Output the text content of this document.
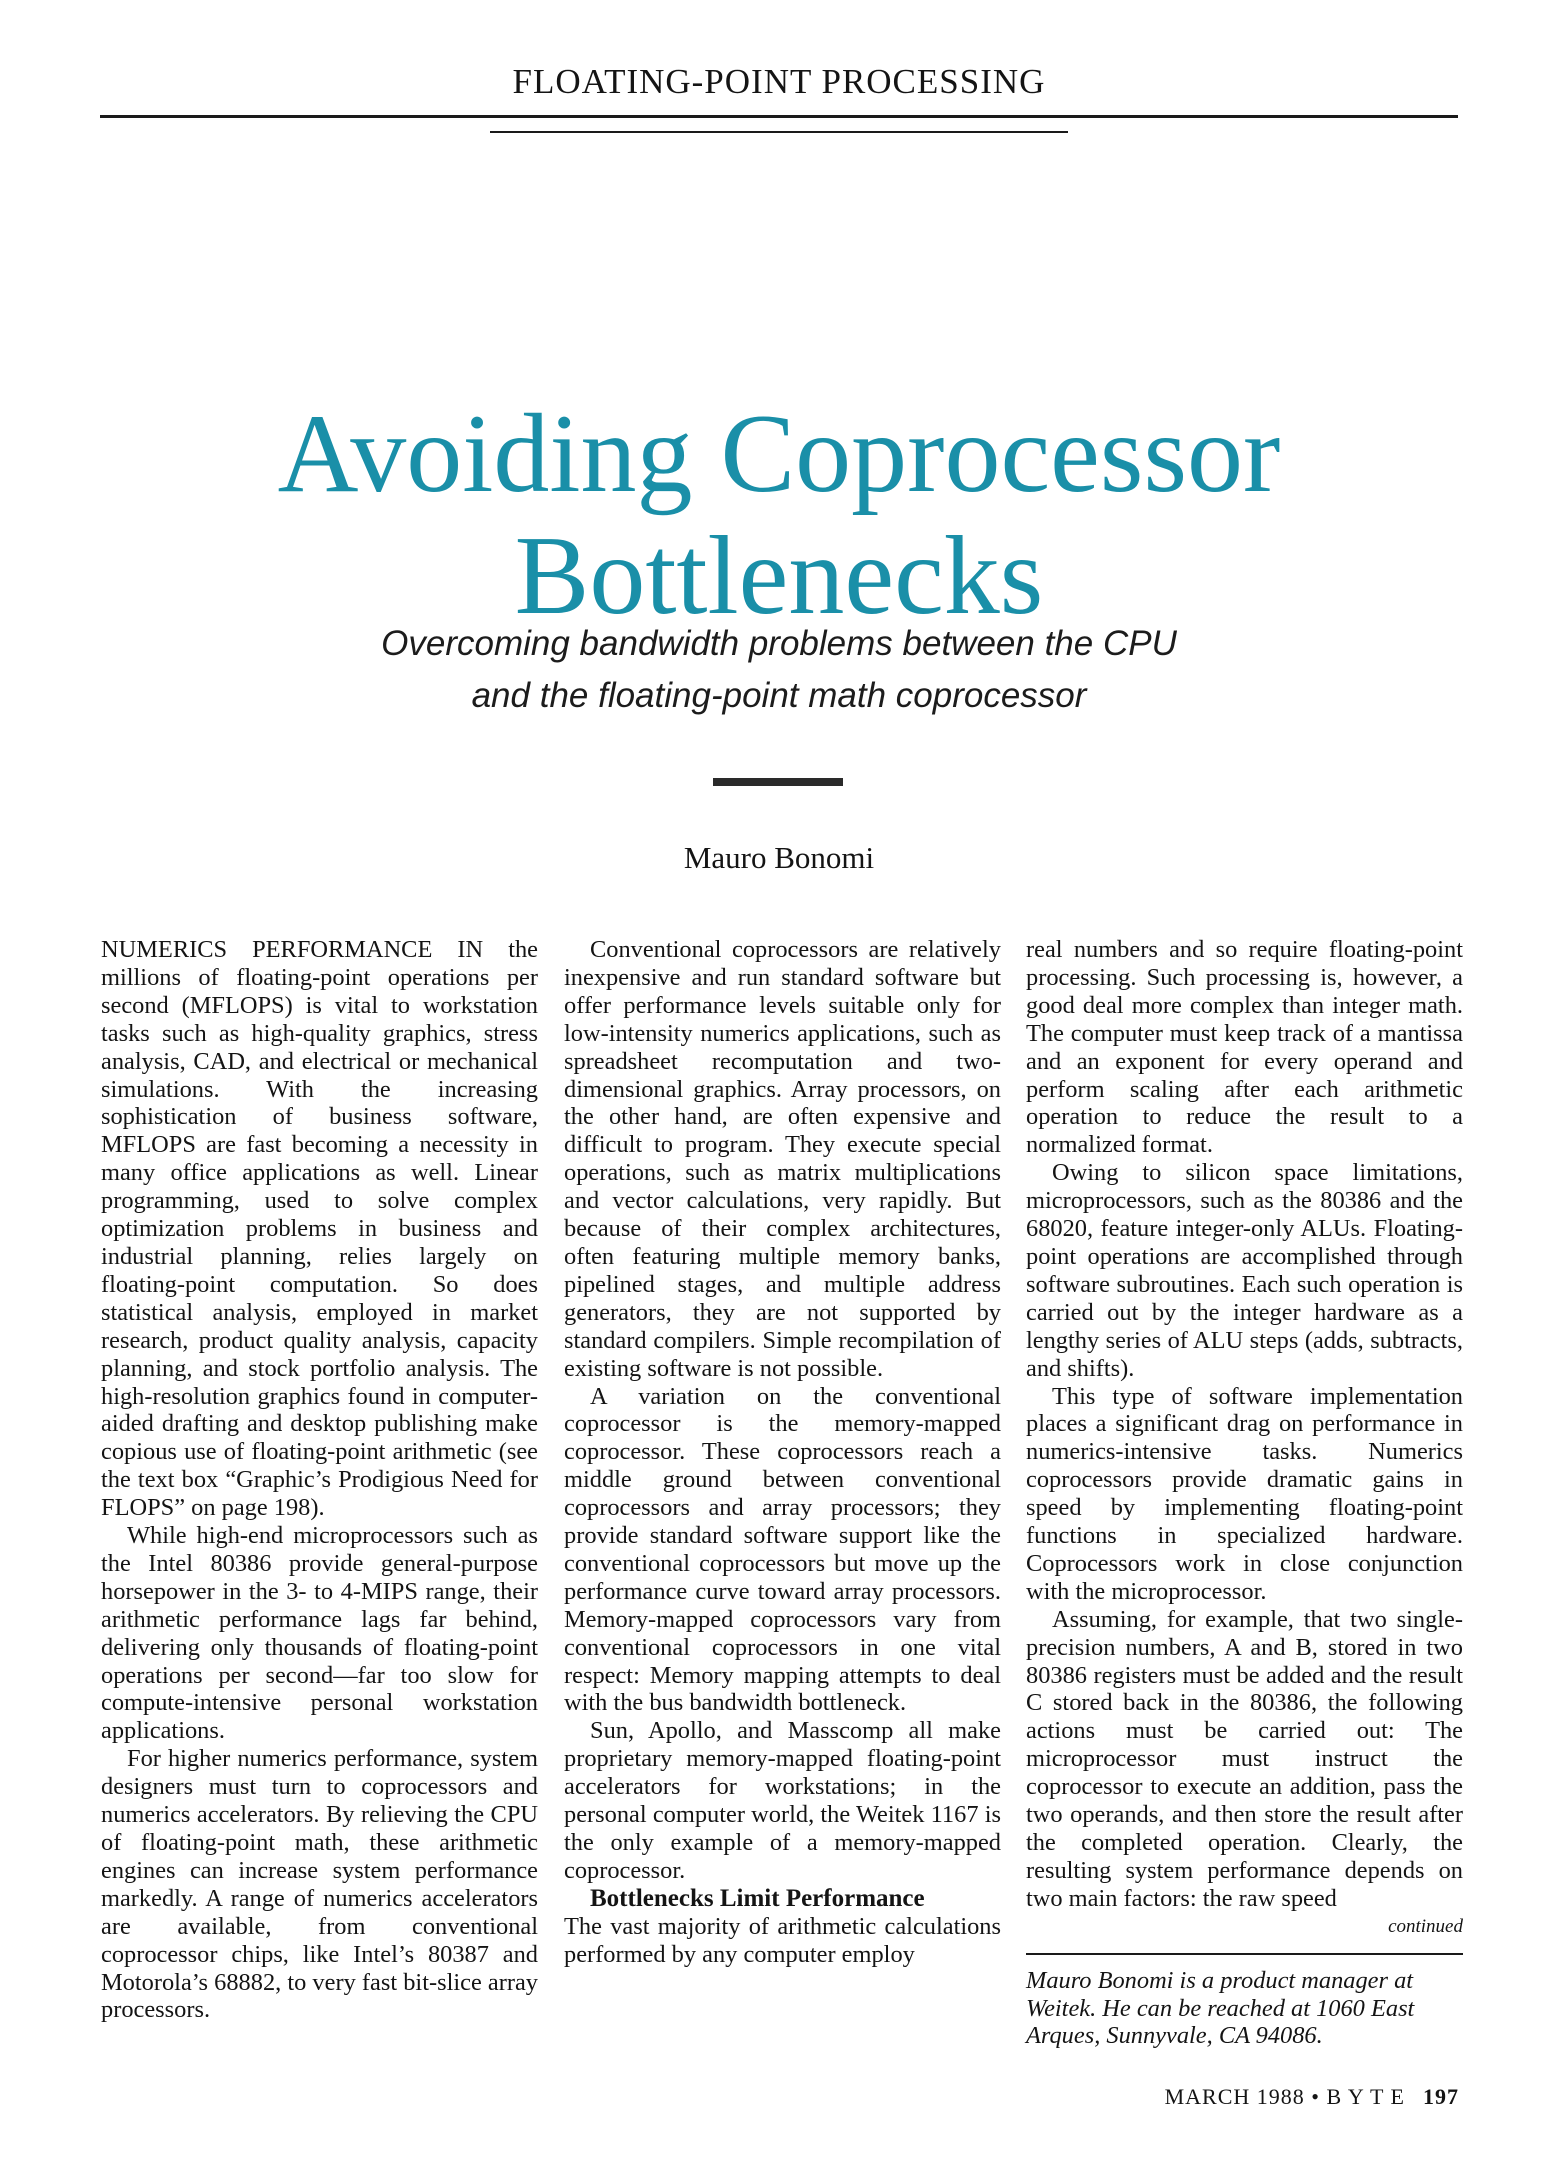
FLOATING-POINT PROCESSING
Avoiding Coprocessor
Bottlenecks
Overcoming bandwidth problems between the CPU
and the floating-point math coprocessor
Mauro Bonomi

NUMERICS PERFORMANCE IN the millions of floating-point operations per second (MFLOPS) is vital to workstation tasks such as high-quality graphics, stress analysis, CAD, and electrical or mechanical simulations. With the increasing sophistication of business software, MFLOPS are fast becoming a necessity in many office applications as well. Linear programming, used to solve complex optimization problems in business and industrial planning, relies largely on floating-point computation. So does statistical analysis, employed in market research, product quality analysis, capacity planning, and stock portfolio analysis. The high-resolution graphics found in computer-aided drafting and desktop publishing make copious use of floating-point arithmetic (see the text box “Graphic’s Prodigious Need for FLOPS” on page 198).

While high-end microprocessors such as the Intel 80386 provide general-purpose horsepower in the 3- to 4-MIPS range, their arithmetic performance lags far behind, delivering only thousands of floating-point operations per second—far too slow for compute-intensive personal workstation applications.

For higher numerics performance, system designers must turn to coprocessors and numerics accelerators. By relieving the CPU of floating-point math, these arithmetic engines can increase system performance markedly. A range of numerics accelerators are available, from conventional coprocessor chips, like Intel’s 80387 and Motorola’s 68882, to very fast bit-slice array processors.

Conventional coprocessors are relatively inexpensive and run standard software but offer performance levels suitable only for low-intensity numerics applications, such as spreadsheet recomputation and two-dimensional graphics. Array processors, on the other hand, are often expensive and difficult to program. They execute special operations, such as matrix multiplications and vector calculations, very rapidly. But because of their complex architectures, often featuring multiple memory banks, pipelined stages, and multiple address generators, they are not supported by standard compilers. Simple recompilation of existing software is not possible.

A variation on the conventional coprocessor is the memory-mapped coprocessor. These coprocessors reach a middle ground between conventional coprocessors and array processors; they provide standard software support like the conventional coprocessors but move up the performance curve toward array processors. Memory-mapped coprocessors vary from conventional coprocessors in one vital respect: Memory mapping attempts to deal with the bus bandwidth bottleneck.

Sun, Apollo, and Masscomp all make proprietary memory-mapped floating-point accelerators for workstations; in the personal computer world, the Weitek 1167 is the only example of a memory-mapped coprocessor.

Bottlenecks Limit Performance

The vast majority of arithmetic calculations performed by any computer employ

real numbers and so require floating-point processing. Such processing is, however, a good deal more complex than integer math. The computer must keep track of a mantissa and an exponent for every operand and perform scaling after each arithmetic operation to reduce the result to a normalized format.

Owing to silicon space limitations, microprocessors, such as the 80386 and the 68020, feature integer-only ALUs. Floating-point operations are accomplished through software subroutines. Each such operation is carried out by the integer hardware as a lengthy series of ALU steps (adds, subtracts, and shifts).

This type of software implementation places a significant drag on performance in numerics-intensive tasks. Numerics coprocessors provide dramatic gains in speed by implementing floating-point functions in specialized hardware. Coprocessors work in close conjunction with the microprocessor.

Assuming, for example, that two single-precision numbers, A and B, stored in two 80386 registers must be added and the result C stored back in the 80386, the following actions must be carried out: The microprocessor must instruct the coprocessor to execute an addition, pass the two operands, and then store the result after the completed operation. Clearly, the resulting system performance depends on two main factors: the raw speed

continued

Mauro Bonomi is a product manager at Weitek. He can be reached at 1060 East Arques, Sunnyvale, CA 94086.

MARCH 1988 • B Y T E 197
